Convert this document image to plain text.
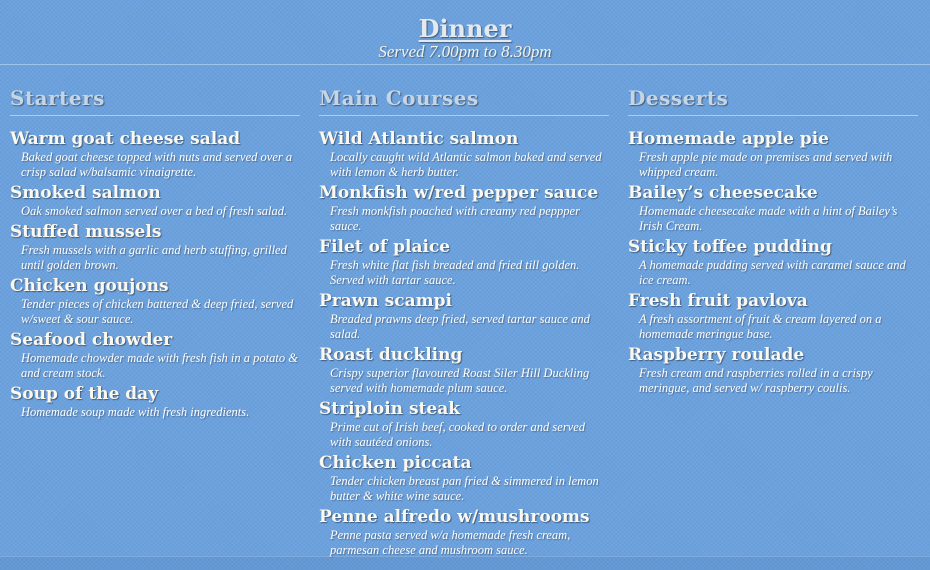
Dinner

Served 7.00pm to 8.30pm

Starters
Warm goat cheese salad

Baked goat cheese topped with nuts and served over a crisp salad w/balsamic vinaigrette.

Smoked salmon

Oak smoked salmon served over a bed of fresh salad.

Stuffed mussels

Fresh mussels with a garlic and herb stuffing, grilled until golden brown.

Chicken goujons

Tender pieces of chicken battered & deep fried, served w/sweet & sour sauce.

Seafood chowder

Homemade chowder made with fresh fish in a potato & and cream stock.

Soup of the day

Homemade soup made with fresh ingredients.

Main Courses
Wild Atlantic salmon

Locally caught wild Atlantic salmon baked and served with lemon & herb butter.

Monkfish w/red pepper sauce

Fresh monkfish poached with creamy red peppper sauce.

Filet of plaice

Fresh white flat fish breaded and fried till golden. Served with tartar sauce.

Prawn scampi

Breaded prawns deep fried, served tartar sauce and salad.

Roast duckling

Crispy superior flavoured Roast Siler Hill Duckling served with homemade plum sauce.

Striploin steak

Prime cut of Irish beef, cooked to order and served with sautéed onions.

Chicken piccata

Tender chicken breast pan fried & simmered in lemon butter & white wine sauce.

Penne alfredo w/mushrooms

Penne pasta served w/a homemade fresh cream, parmesan cheese and mushroom sauce.

Desserts
Homemade apple pie

Fresh apple pie made on premises and served with whipped cream.

Bailey’s cheesecake

Homemade cheesecake made with a hint of Bailey’s Irish Cream.

Sticky toffee pudding

A homemade pudding served with caramel sauce and ice cream.

Fresh fruit pavlova

A fresh assortment of fruit & cream layered on a homemade meringue base.

Raspberry roulade

Fresh cream and raspberries rolled in a crispy meringue, and served w/ raspberry coulis.
